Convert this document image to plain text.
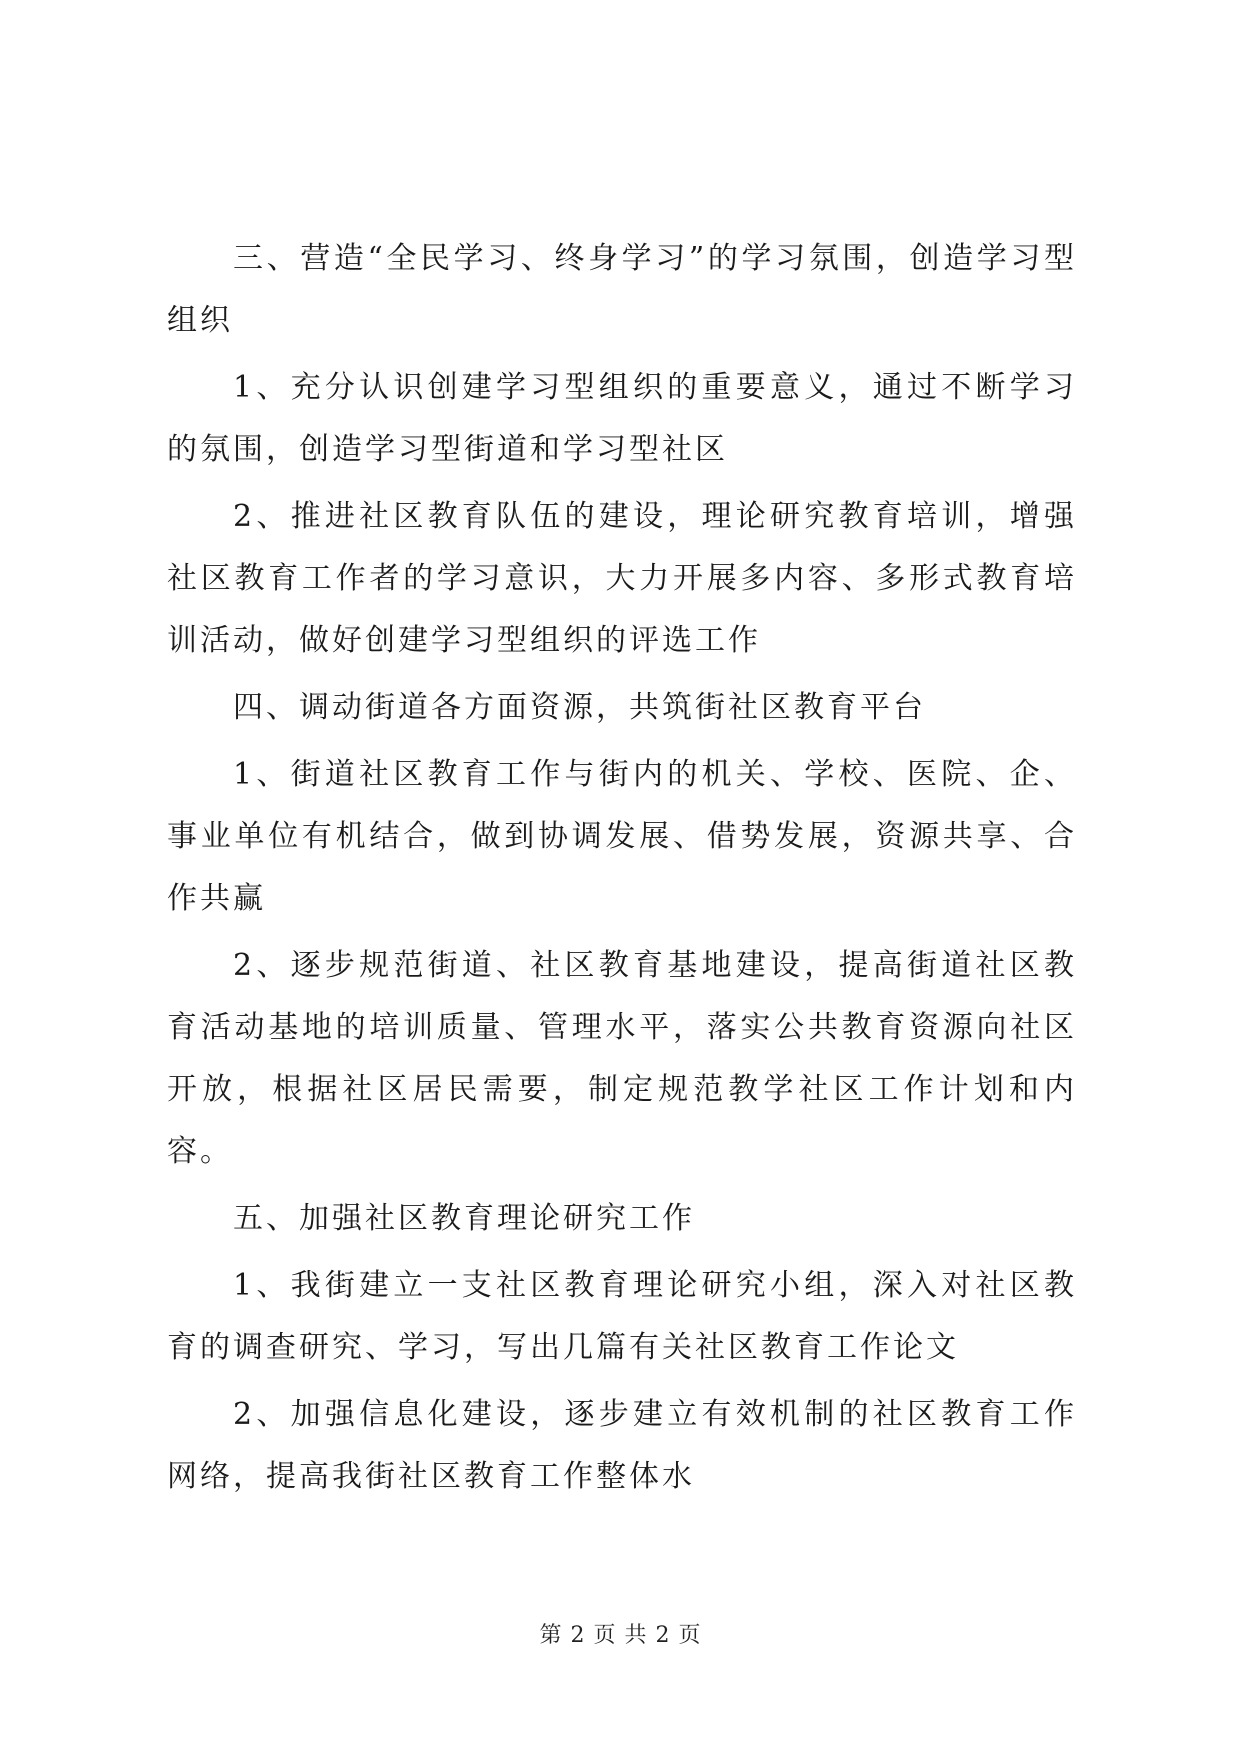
三、营造“全民学习、终身学习”的学习氛围，创造学习型组织

1、充分认识创建学习型组织的重要意义，通过不断学习的氛围，创造学习型街道和学习型社区

2、推进社区教育队伍的建设，理论研究教育培训，增强社区教育工作者的学习意识，大力开展多内容、多形式教育培训活动，做好创建学习型组织的评选工作

四、调动街道各方面资源，共筑街社区教育平台

1、街道社区教育工作与街内的机关、学校、医院、企、事业单位有机结合，做到协调发展、借势发展，资源共享、合作共赢

2、逐步规范街道、社区教育基地建设，提高街道社区教育活动基地的培训质量、管理水平，落实公共教育资源向社区开放，根据社区居民需要，制定规范教学社区工作计划和内容。

五、加强社区教育理论研究工作

1、我街建立一支社区教育理论研究小组，深入对社区教育的调查研究、学习，写出几篇有关社区教育工作论文

2、加强信息化建设，逐步建立有效机制的社区教育工作网络，提高我街社区教育工作整体水

第 2 页 共 2 页
